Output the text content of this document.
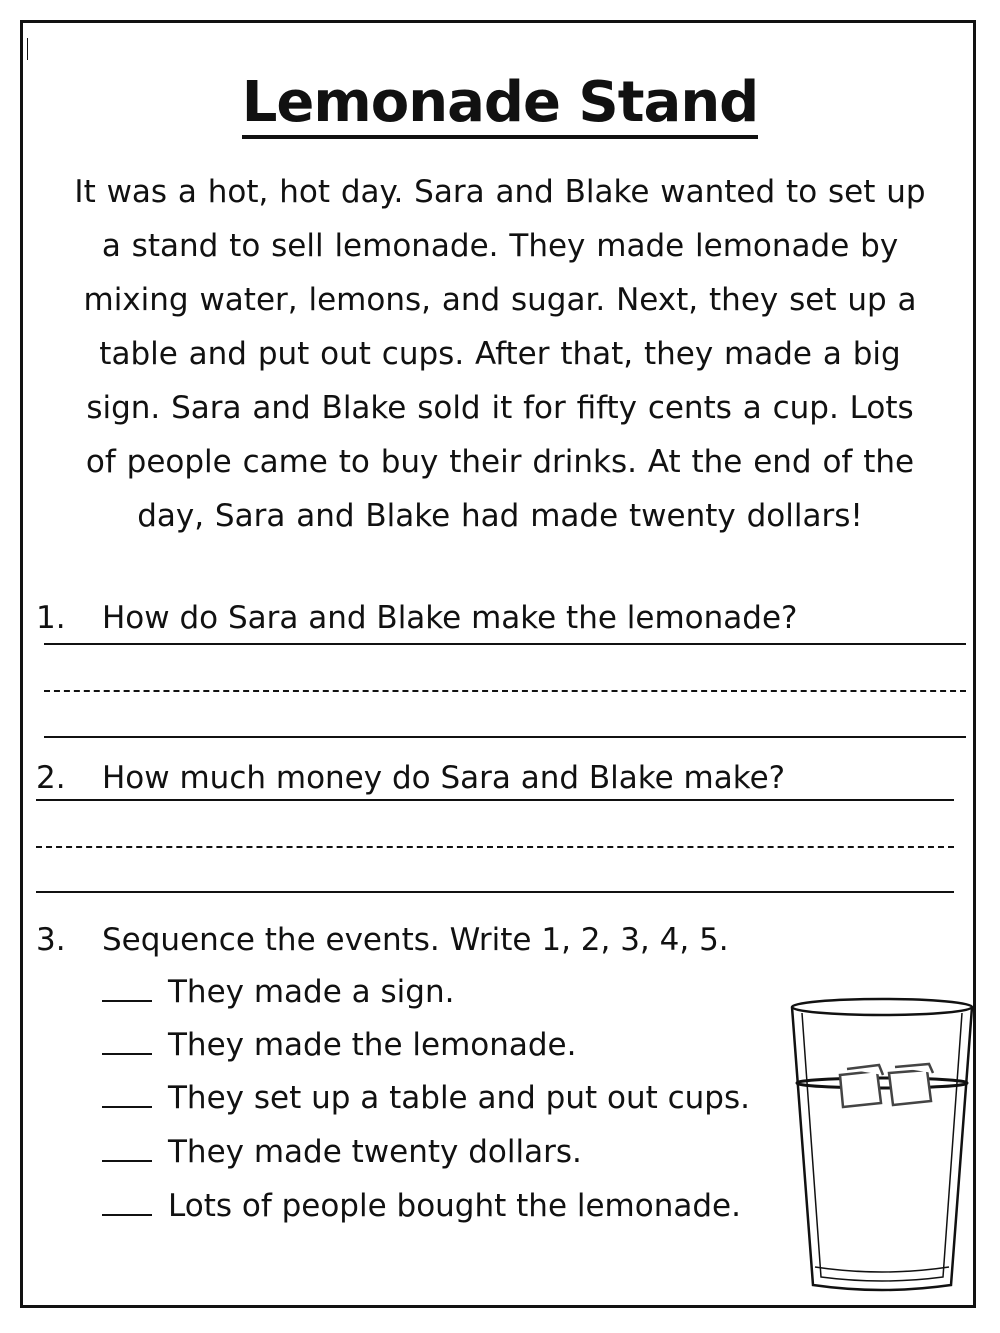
Lemonade Stand
It was a hot, hot day. Sara and Blake wanted to set up
a stand to sell lemonade. They made lemonade by
mixing water, lemons, and sugar. Next, they set up a
table and put out cups. After that, they made a big
sign. Sara and Blake sold it for fifty cents a cup. Lots
of people came to buy their drinks. At the end of the
day, Sara and Blake had made twenty dollars!
1. How do Sara and Blake make the lemonade?
2. How much money do Sara and Blake make?
3. Sequence the events. Write 1, 2, 3, 4, 5.
They made a sign.
They made the lemonade.
They set up a table and put out cups.
They made twenty dollars.
Lots of people bought the lemonade.
